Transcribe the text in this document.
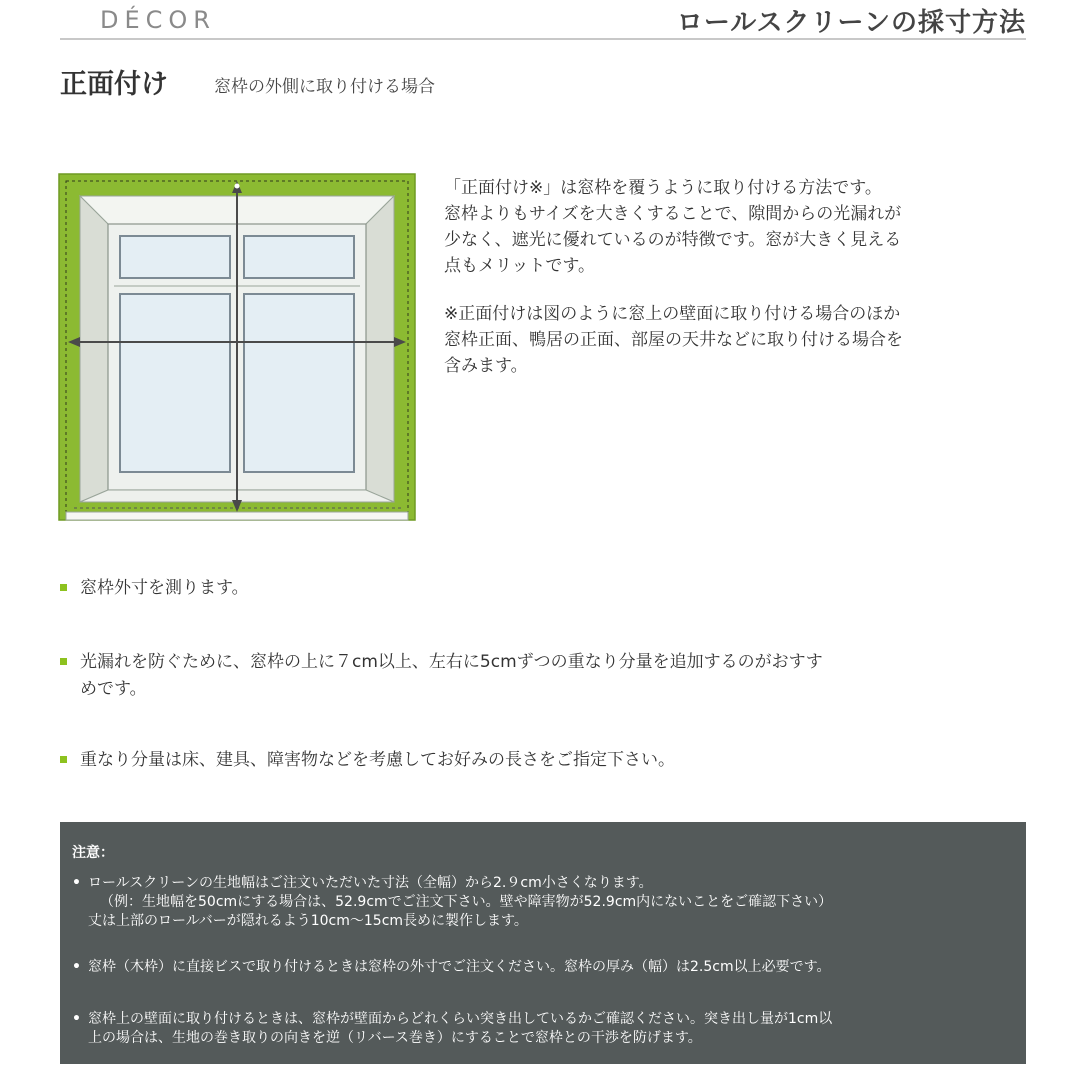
DÉCOR	ロールスクリーンの採寸方法
正面付け	窓枠の外側に取り付ける場合

「正面付け※」は窓枠を覆うように取り付ける方法です。

窓枠よりもサイズを大きくすることで、隙間からの光漏れが

少なく、遮光に優れているのが特徴です。窓が大きく見える

点もメリットです。

※正面付けは図のように窓上の壁面に取り付ける場合のほか

窓枠正面、鴨居の正面、部屋の天井などに取り付ける場合を

含みます。

窓枠外寸を測ります。
光漏れを防ぐために、窓枠の上に７cm以上、左右に5cmずつの重なり分量を追加するのがおすす
めです。
重なり分量は床、建具、障害物などを考慮してお好みの長さをご指定下さい。
注意：
• ロールスクリーンの生地幅はご注文いただいた寸法（全幅）から2.９cm小さくなります。
（例：生地幅を50cmにする場合は、52.9cmでご注文下さい。壁や障害物が52.9cm内にないことをご確認下さい）
丈は上部のロールバーが隠れるよう10cm〜15cm長めに製作します。
• 窓枠（木枠）に直接ビスで取り付けるときは窓枠の外寸でご注文ください。窓枠の厚み（幅）は2.5cm以上必要です。
• 窓枠上の壁面に取り付けるときは、窓枠が壁面からどれくらい突き出しているかご確認ください。突き出し量が1cm以
上の場合は、生地の巻き取りの向きを逆（リバース巻き）にすることで窓枠との干渉を防げます。
